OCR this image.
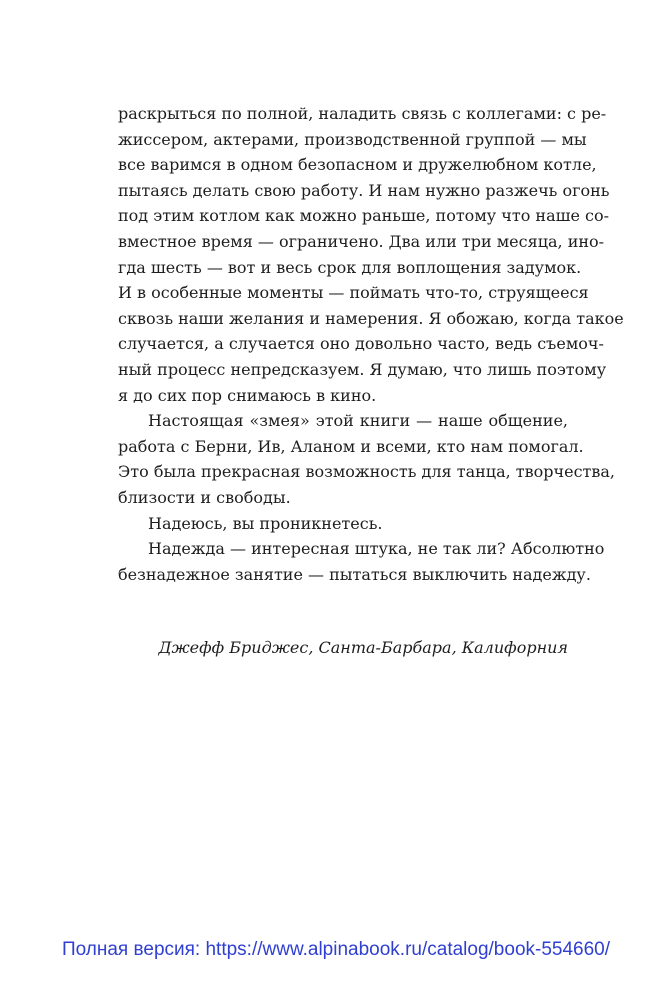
раскрыться по полной, наладить связь с коллегами: с ре-
жиссером, актерами, производственной группой — мы
все варимся в одном безопасном и дружелюбном котле,
пытаясь делать свою работу. И нам нужно разжечь огонь
под этим котлом как можно раньше, потому что наше со-
вместное время — ограничено. Два или три месяца, ино-
гда шесть — вот и весь срок для воплощения задумок.
И в особенные моменты — поймать что-то, струящееся
сквозь наши желания и намерения. Я обожаю, когда такое
случается, а случается оно довольно часто, ведь съемоч-
ный процесс непредсказуем. Я думаю, что лишь поэтому
я до сих пор снимаюсь в кино.
Настоящая «змея» этой книги — наше общение,
работа с Берни, Ив, Аланом и всеми, кто нам помогал.
Это была прекрасная возможность для танца, творчества,
близости и свободы.
Надеюсь, вы проникнетесь.
Надежда — интересная штука, не так ли? Абсолютно
безнадежное занятие — пытаться выключить надежду.
Джефф Бриджес, Санта-Барбара, Калифорния
Полная версия: https://www.alpinabook.ru/catalog/book-554660/
